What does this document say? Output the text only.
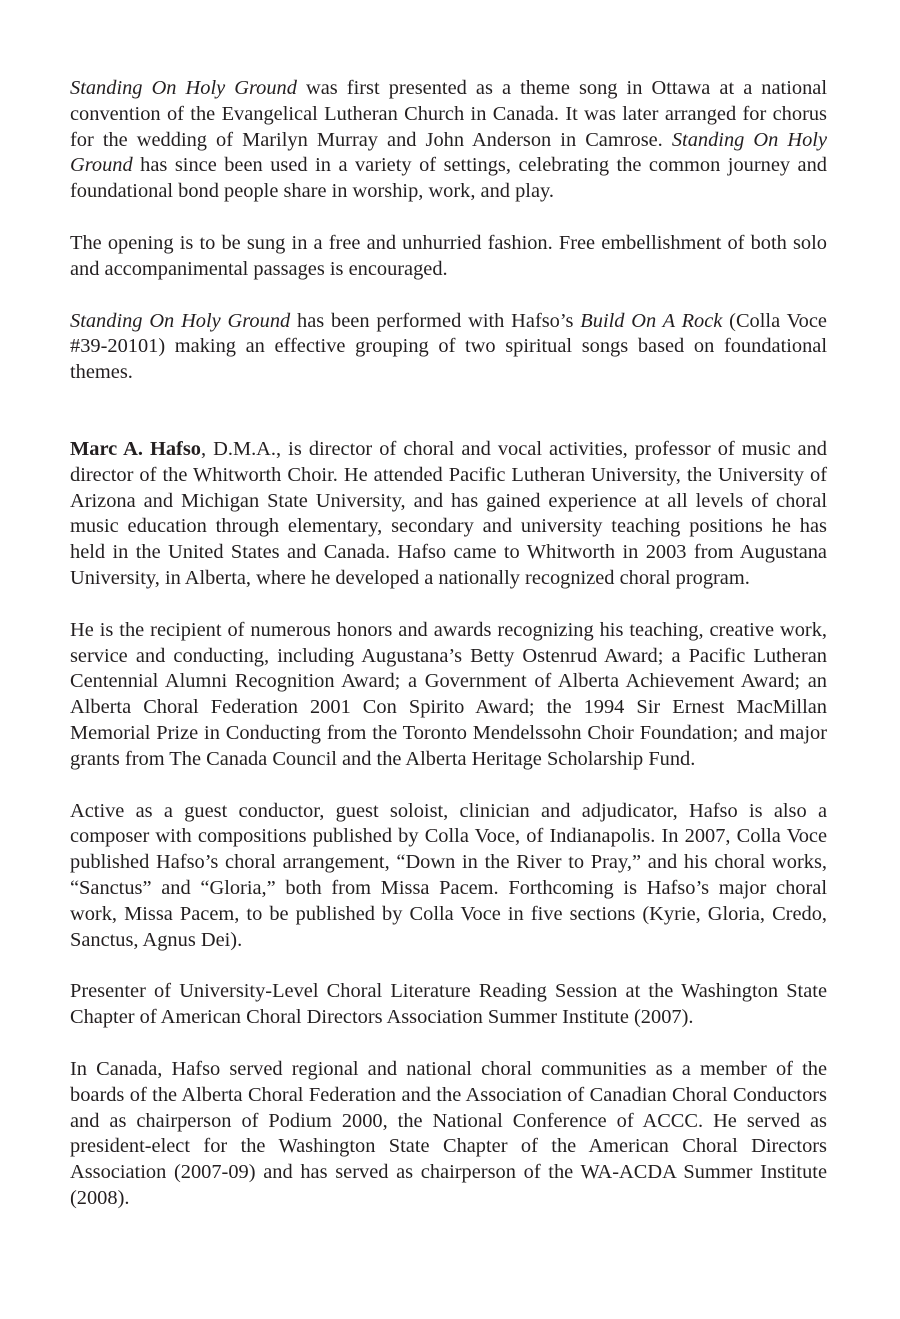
Standing On Holy Ground was first presented as a theme song in Ottawa at a national convention of the Evangelical Lutheran Church in Canada. It was later arranged for chorus for the wedding of Marilyn Murray and John Anderson in Camrose. Standing On Holy Ground has since been used in a variety of settings, celebrating the common journey and foundational bond people share in worship, work, and play.

The opening is to be sung in a free and unhurried fashion. Free embellishment of both solo and accompanimental passages is encouraged.

Standing On Holy Ground has been performed with Hafso’s Build On A Rock (Colla Voce #39-20101) making an effective grouping of two spiritual songs based on foundational themes.

Marc A. Hafso, D.M.A., is director of choral and vocal activities, professor of music and director of the Whitworth Choir. He attended Pacific Lutheran University, the University of Arizona and Michigan State University, and has gained experience at all levels of choral music education through elementary, secondary and university teaching positions he has held in the United States and Canada. Hafso came to Whitworth in 2003 from Augustana University, in Alberta, where he developed a nationally recognized choral program.

He is the recipient of numerous honors and awards recognizing his teaching, creative work, service and conducting, including Augustana’s Betty Ostenrud Award; a Pacific Lutheran Centennial Alumni Recognition Award; a Government of Alberta Achievement Award; an Alberta Choral Federation 2001 Con Spirito Award; the 1994 Sir Ernest MacMillan Memorial Prize in Conducting from the Toronto Mendelssohn Choir Foundation; and major grants from The Canada Council and the Alberta Heritage Scholarship Fund.

Active as a guest conductor, guest soloist, clinician and adjudicator, Hafso is also a composer with compositions published by Colla Voce, of Indianapolis. In 2007, Colla Voce published Hafso’s choral arrangement, “Down in the River to Pray,” and his choral works, “Sanctus” and “Gloria,” both from Missa Pacem. Forthcoming is Hafso’s major choral work, Missa Pacem, to be published by Colla Voce in five sections (Kyrie, Gloria, Credo, Sanctus, Agnus Dei).

Presenter of University-Level Choral Literature Reading Session at the Washington State Chapter of American Choral Directors Association Summer Institute (2007).

In Canada, Hafso served regional and national choral communities as a member of the boards of the Alberta Choral Federation and the Association of Canadian Choral Conductors and as chairperson of Podium 2000, the National Conference of ACCC. He served as president-elect for the Washington State Chapter of the American Choral Directors Association (2007-09) and has served as chairperson of the WA-ACDA Summer Institute (2008).
